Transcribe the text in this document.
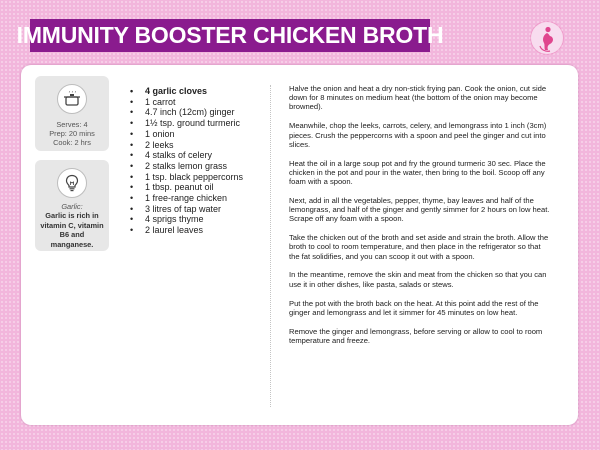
IMMUNITY BOOSTER CHICKEN BROTH
Serves: 4
Prep: 20 mins
Cook: 2 hrs
Garlic:
Garlic is rich in vitamin C, vitamin B6 and manganese.
• 4 garlic cloves
• 1 carrot
• 4.7 inch (12cm) ginger
• 1½ tsp. ground turmeric
• 1 onion
• 2 leeks
• 4 stalks of celery
• 2 stalks lemon grass
• 1 tsp. black peppercorns
• 1 tbsp. peanut oil
• 1 free-range chicken
• 3 litres of tap water
• 4 sprigs thyme
• 2 laurel leaves

Halve the onion and heat a dry non-stick frying pan. Cook the onion, cut side down for 8 minutes on medium heat (the bottom of the onion may become browned).

Meanwhile, chop the leeks, carrots, celery, and lemongrass into 1 inch (3cm) pieces. Crush the peppercorns with a spoon and peel the ginger and cut into slices.

Heat the oil in a large soup pot and fry the ground turmeric 30 sec. Place the chicken in the pot and pour in the water, then bring to the boil. Scoop off any foam with a spoon.

Next, add in all the vegetables, pepper, thyme, bay leaves and half of the lemongrass, and half of the ginger and gently simmer for 2 hours on low heat. Scrape off any foam with a spoon.

Take the chicken out of the broth and set aside and strain the broth. Allow the broth to cool to room temperature, and then place in the refrigerator so that the fat solidifies, and you can scoop it out with a spoon.

In the meantime, remove the skin and meat from the chicken so that you can use it in other dishes, like pasta, salads or stews.

Put the pot with the broth back on the heat. At this point add the rest of the ginger and lemongrass and let it simmer for 45 minutes on low heat.

Remove the ginger and lemongrass, before serving or allow to cool to room temperature and freeze.
